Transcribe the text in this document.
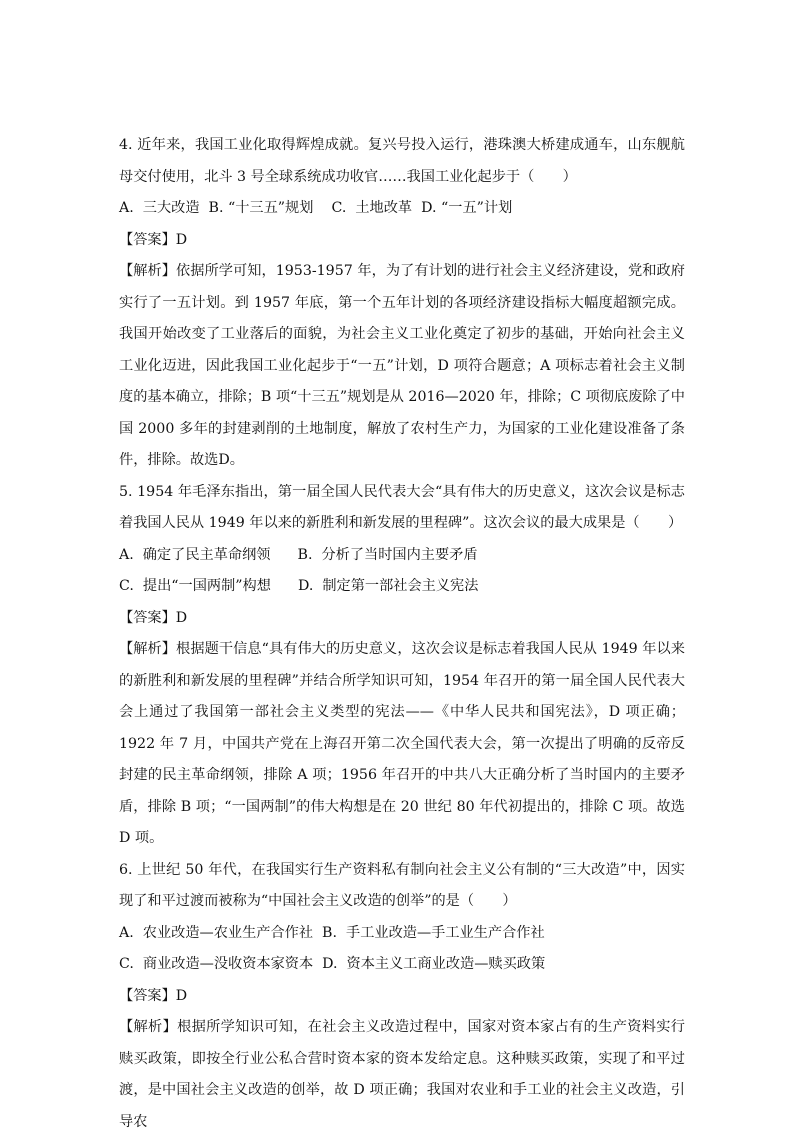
4. 近年来，我国工业化取得辉煌成就。复兴号投入运行，港珠澳大桥建成通车，山东舰航母交付使用，北斗 3 号全球系统成功收官……我国工业化起步于（　　）

A.  三大改造  B. “十三五”规划    C.  土地改革  D. “一五”计划

【答案】D

【解析】依据所学可知，1953-1957 年，为了有计划的进行社会主义经济建设，党和政府实行了一五计划。到 1957 年底，第一个五年计划的各项经济建设指标大幅度超额完成。我国开始改变了工业落后的面貌，为社会主义工业化奠定了初步的基础，开始向社会主义工业化迈进，因此我国工业化起步于“一五”计划，D 项符合题意；A 项标志着社会主义制度的基本确立，排除；B 项“十三五”规划是从 2016—2020 年，排除；C 项彻底废除了中国 2000 多年的封建剥削的土地制度，解放了农村生产力，为国家的工业化建设准备了条件，排除。故选D。

5. 1954 年毛泽东指出，第一届全国人民代表大会“具有伟大的历史意义，这次会议是标志着我国人民从 1949 年以来的新胜利和新发展的里程碑”。这次会议的最大成果是（　　）

A.  确定了民主革命纲领      B.  分析了当时国内主要矛盾

C.  提出“一国两制”构想      D.  制定第一部社会主义宪法

【答案】D

【解析】根据题干信息“具有伟大的历史意义，这次会议是标志着我国人民从 1949 年以来的新胜利和新发展的里程碑”并结合所学知识可知，1954 年召开的第一届全国人民代表大会上通过了我国第一部社会主义类型的宪法——《中华人民共和国宪法》，D 项正确；1922 年 7 月，中国共产党在上海召开第二次全国代表大会，第一次提出了明确的反帝反封建的民主革命纲领，排除 A 项；1956 年召开的中共八大正确分析了当时国内的主要矛盾，排除 B 项；“一国两制”的伟大构想是在 20 世纪 80 年代初提出的，排除 C 项。故选 D 项。

6. 上世纪 50 年代，在我国实行生产资料私有制向社会主义公有制的“三大改造”中，因实现了和平过渡而被称为“中国社会主义改造的创举”的是（　　）

A.  农业改造—农业生产合作社  B.  手工业改造—手工业生产合作社

C.  商业改造—没收资本家资本  D.  资本主义工商业改造—赎买政策

【答案】D

【解析】根据所学知识可知，在社会主义改造过程中，国家对资本家占有的生产资料实行赎买政策，即按全行业公私合营时资本家的资本发给定息。这种赎买政策，实现了和平过渡，是中国社会主义改造的创举，故 D 项正确；我国对农业和手工业的社会主义改造，引导农
